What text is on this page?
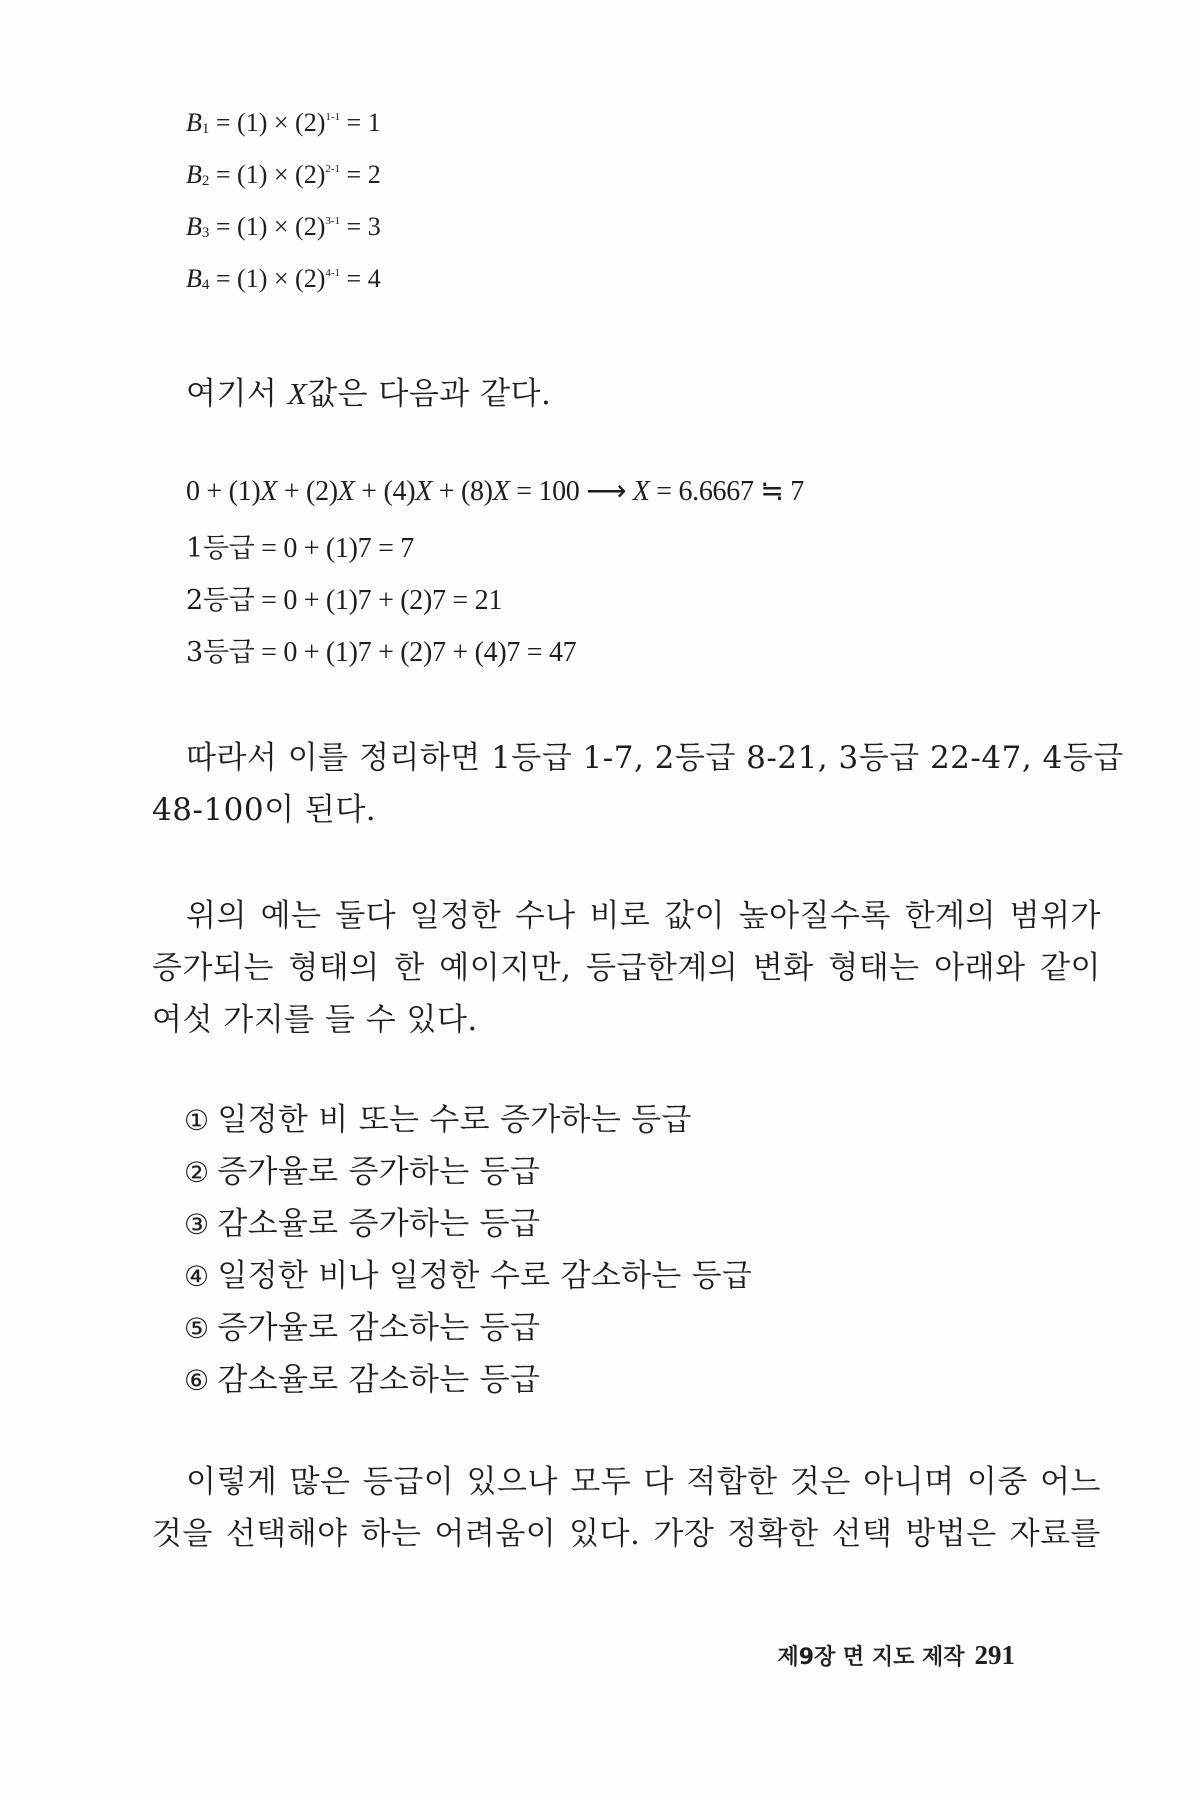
$B_1 = (1) \times (2)^{1-1} = 1$
$B_2 = (1) \times (2)^{2-1} = 2$
$B_3 = (1) \times (2)^{3-1} = 3$
$B_4 = (1) \times (2)^{4-1} = 4$
여기서 X값은 다음과 같다.
0 + (1)X + (2)X + (4)X + (8)X = 100 ⟶ X = 6.6667 ≒ 7
1등급 = 0 + (1)7 = 7
2등급 = 0 + (1)7 + (2)7 = 21
3등급 = 0 + (1)7 + (2)7 + (4)7 = 47
따라서 이를 정리하면 1등급 1-7, 2등급 8-21, 3등급 22-47, 4등급
48-100이 된다.
위의 예는 둘다 일정한 수나 비로 값이 높아질수록 한계의 범위가
증가되는 형태의 한 예이지만, 등급한계의 변화 형태는 아래와 같이
여섯 가지를 들 수 있다.
① 일정한 비 또는 수로 증가하는 등급
② 증가율로 증가하는 등급
③ 감소율로 증가하는 등급
④ 일정한 비나 일정한 수로 감소하는 등급
⑤ 증가율로 감소하는 등급
⑥ 감소율로 감소하는 등급
이렇게 많은 등급이 있으나 모두 다 적합한 것은 아니며 이중 어느
것을 선택해야 하는 어려움이 있다. 가장 정확한 선택 방법은 자료를
제9장 면 지도 제작 291
